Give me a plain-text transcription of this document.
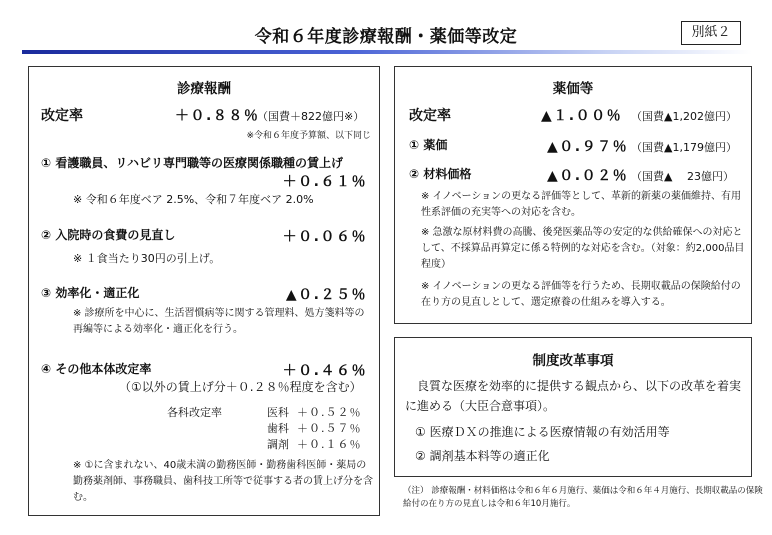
令和６年度診療報酬・薬価等改定	別紙２
診療報酬
改定率	＋０.８８％
（国費＋822億円※）
※令和６年度予算額、以下同じ
① 看護職員、リハビリ専門職等の医療関係職種の賃上げ
＋０.６１％
※ 令和６年度ベア 2.5%、令和７年度ベア 2.0%
② 入院時の食費の見直し	＋０.０６％
※ １食当たり30円の引上げ。
③ 効率化・適正化	▲０.２５％
※ 診療所を中心に、生活習慣病等に関する管理料、処方箋料等の再編等による効率化・適正化を行う。
④ その他本体改定率	＋０.４６％
（①以外の賃上げ分＋０.２８％程度を含む）
各科改定率	医科 ＋０.５２％
歯科 ＋０.５７％
調剤 ＋０.１６％
※ ①に含まれない、40歳未満の勤務医師・勤務歯科医師・薬局の勤務薬剤師、事務職員、歯科技工所等で従事する者の賃上げ分を含む。
薬価等
改定率	▲１.００％ （国費▲1,202億円）
① 薬価	▲０.９７％ （国費▲1,179億円）
② 材料価格	▲０.０２％ （国費▲　 23億円）
※ イノベーションの更なる評価等として、革新的新薬の薬価維持、有用性系評価の充実等への対応を含む。
※ 急激な原材料費の高騰、後発医薬品等の安定的な供給確保への対応として、不採算品再算定に係る特例的な対応を含む。（対象：約2,000品目程度）
※ イノベーションの更なる評価等を行うため、長期収載品の保険給付の在り方の見直しとして、選定療養の仕組みを導入する。
制度改革事項
良質な医療を効率的に提供する観点から、以下の改革を着実に進める（大臣合意事項）。
① 医療ＤＸの推進による医療情報の有効活用等
② 調剤基本料等の適正化
（注） 診療報酬・材料価格は令和６年６月施行、薬価は令和６年４月施行、長期収載品の保険給付の在り方の見直しは令和６年10月施行。
